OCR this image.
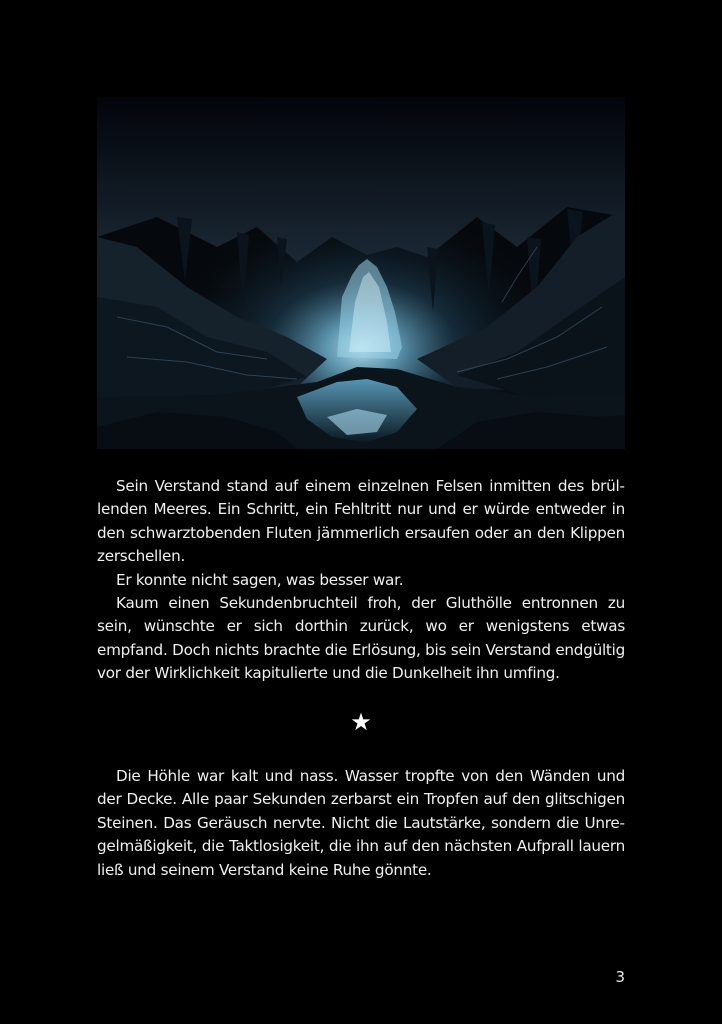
Sein Verstand stand auf einem einzelnen Felsen inmitten des brüllenden Meeres. Ein Schritt, ein Fehltritt nur und er würde entweder in den schwarztobenden Fluten jämmerlich ersaufen oder an den Klippen zerschellen.

Er konnte nicht sagen, was besser war.

Kaum einen Sekundenbruchteil froh, der Gluthölle entronnen zu sein, wünschte er sich dorthin zurück, wo er wenigstens etwas empfand. Doch nichts brachte die Erlösung, bis sein Verstand endgültig vor der Wirklichkeit kapitulierte und die Dunkelheit ihn umfing.

★

Die Höhle war kalt und nass. Wasser tropfte von den Wänden und der Decke. Alle paar Sekunden zerbarst ein Tropfen auf den glitschigen Steinen. Das Geräusch nervte. Nicht die Lautstärke, sondern die Unregelmäßigkeit, die Taktlosigkeit, die ihn auf den nächsten Aufprall lauern ließ und seinem Verstand keine Ruhe gönnte.

3
